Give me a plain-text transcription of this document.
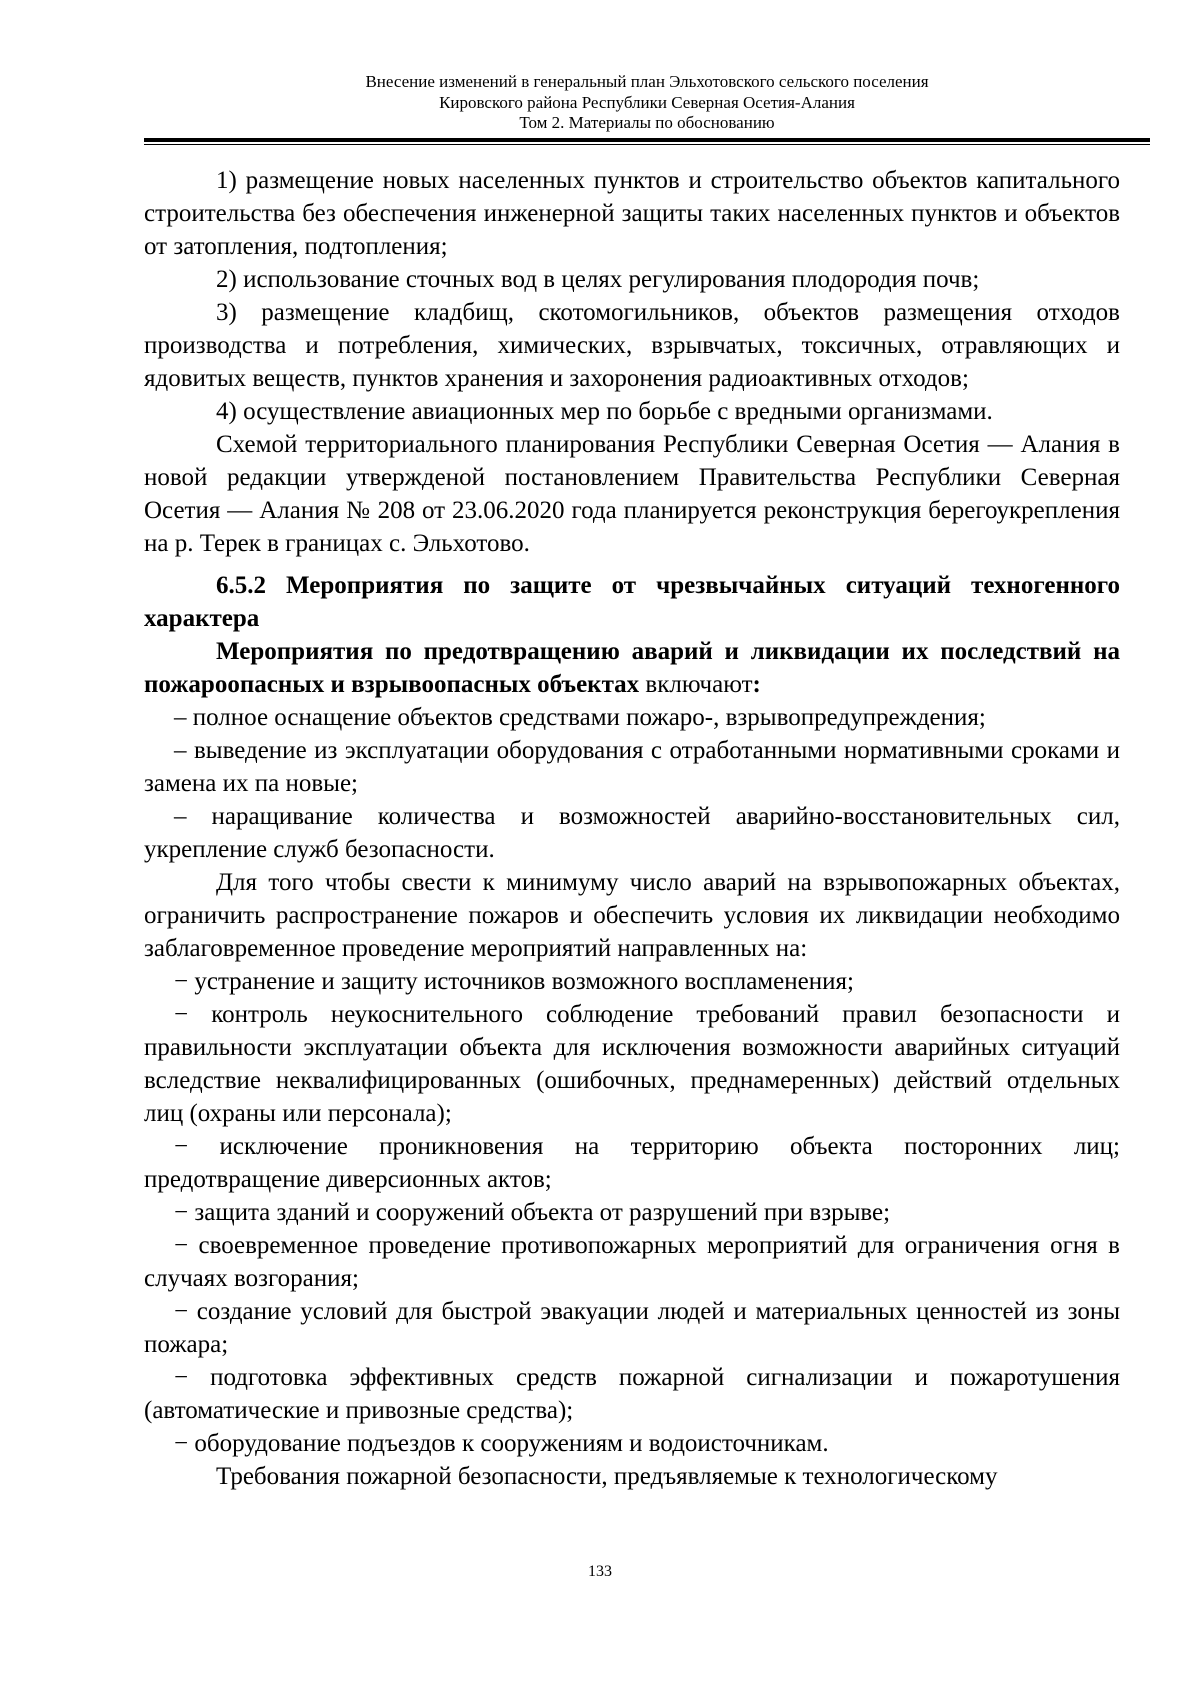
Внесение изменений в генеральный план Эльхотовского сельского поселения
Кировского района Республики Северная Осетия-Алания
Том 2. Материалы по обоснованию

1) размещение новых населенных пунктов и строительство объектов капитального строительства без обеспечения инженерной защиты таких населенных пунктов и объектов от затопления, подтопления;

2) использование сточных вод в целях регулирования плодородия почв;

3) размещение кладбищ, скотомогильников, объектов размещения отходов производства и потребления, химических, взрывчатых, токсичных, отравляющих и ядовитых веществ, пунктов хранения и захоронения радиоактивных отходов;

4) осуществление авиационных мер по борьбе с вредными организмами.

Схемой территориального планирования Республики Северная Осетия — Алания в новой редакции утвержденой постановлением Правительства Республики Северная Осетия — Алания № 208 от 23.06.2020 года планируется реконструкция берегоукрепления на р. Терек в границах с. Эльхотово.

6.5.2 Мероприятия по защите от чрезвычайных ситуаций техногенного характера

Мероприятия по предотвращению аварий и ликвидации их последствий на пожароопасных и взрывоопасных объектах включают:

– полное оснащение объектов средствами пожаро-, взрывопредупреждения;

– выведение из эксплуатации оборудования с отработанными нормативными сроками и замена их па новые;

– наращивание количества и возможностей аварийно-восстановительных сил, укрепление служб безопасности.

Для того чтобы свести к минимуму число аварий на взрывопожарных объектах, ограничить распространение пожаров и обеспечить условия их ликвидации необходимо заблаговременное проведение мероприятий направленных на:

− устранение и защиту источников возможного воспламенения;

− контроль неукоснительного соблюдение требований правил безопасности и правильности эксплуатации объекта для исключения возможности аварийных ситуаций вследствие неквалифицированных (ошибочных, преднамеренных) действий отдельных лиц (охраны или персонала);

− исключение проникновения на территорию объекта посторонних лиц; предотвращение диверсионных актов;

− защита зданий и сооружений объекта от разрушений при взрыве;

− своевременное проведение противопожарных мероприятий для ограничения огня в случаях возгорания;

− создание условий для быстрой эвакуации людей и материальных ценностей из зоны пожара;

− подготовка эффективных средств пожарной сигнализации и пожаротушения (автоматические и привозные средства);

− оборудование подъездов к сооружениям и водоисточникам.

Требования пожарной безопасности, предъявляемые к технологическому

133
